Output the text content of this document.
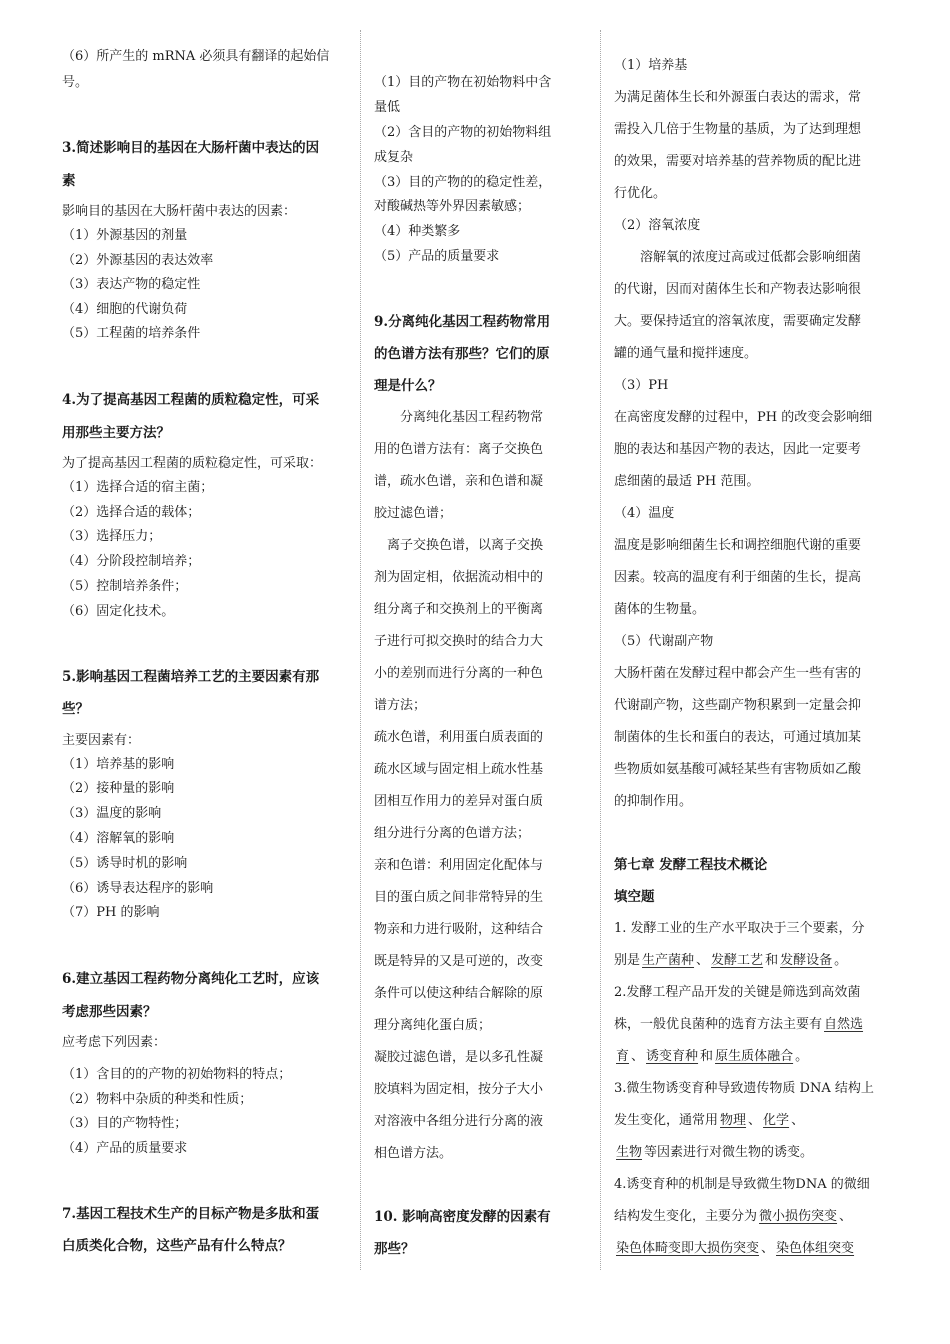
（6）所产生的 mRNA 必须具有翻译的起始信
号。
3.简述影响目的基因在大肠杆菌中表达的因
素
影响目的基因在大肠杆菌中表达的因素：
（1）外源基因的剂量
（2）外源基因的表达效率
（3）表达产物的稳定性
（4）细胞的代谢负荷
（5）工程菌的培养条件
4.为了提高基因工程菌的质粒稳定性，可采
用那些主要方法？
为了提高基因工程菌的质粒稳定性，可采取：
（1）选择合适的宿主菌；
（2）选择合适的载体；
（3）选择压力；
（4）分阶段控制培养；
（5）控制培养条件；
（6）固定化技术。
5.影响基因工程菌培养工艺的主要因素有那
些？
主要因素有：
（1）培养基的影响
（2）接种量的影响
（3）温度的影响
（4）溶解氧的影响
（5）诱导时机的影响
（6）诱导表达程序的影响
（7）PH 的影响
6.建立基因工程药物分离纯化工艺时，应该
考虑那些因素？
应考虑下列因素：
（1）含目的的产物的初始物料的特点；
（2）物料中杂质的种类和性质；
（3）目的产物特性；
（4）产品的质量要求
7.基因工程技术生产的目标产物是多肽和蛋
白质类化合物，这些产品有什么特点？
（1）目的产物在初始物料中含
量低
（2）含目的产物的初始物料组
成复杂
（3）目的产物的的稳定性差，
对酸碱热等外界因素敏感；
（4）种类繁多
（5）产品的质量要求
9.分离纯化基因工程药物常用
的色谱方法有那些？它们的原
理是什么？
分离纯化基因工程药物常
用的色谱方法有：离子交换色
谱，疏水色谱，亲和色谱和凝
胶过滤色谱；
离子交换色谱，以离子交换
剂为固定相，依据流动相中的
组分离子和交换剂上的平衡离
子进行可拟交换时的结合力大
小的差别而进行分离的一种色
谱方法；
疏水色谱，利用蛋白质表面的
疏水区域与固定相上疏水性基
团相互作用力的差异对蛋白质
组分进行分离的色谱方法；
亲和色谱：利用固定化配体与
目的蛋白质之间非常特异的生
物亲和力进行吸附，这种结合
既是特异的又是可逆的，改变
条件可以使这种结合解除的原
理分离纯化蛋白质；
凝胶过滤色谱，是以多孔性凝
胶填料为固定相，按分子大小
对溶液中各组分进行分离的液
相色谱方法。
10. 影响高密度发酵的因素有
那些？
（1）培养基
为满足菌体生长和外源蛋白表达的需求，常
需投入几倍于生物量的基质，为了达到理想
的效果，需要对培养基的营养物质的配比进
行优化。
（2）溶氧浓度
溶解氧的浓度过高或过低都会影响细菌
的代谢，因而对菌体生长和产物表达影响很
大。要保持适宜的溶氧浓度，需要确定发酵
罐的通气量和搅拌速度。
（3）PH
在高密度发酵的过程中，PH 的改变会影响细
胞的表达和基因产物的表达，因此一定要考
虑细菌的最适 PH 范围。
（4）温度
温度是影响细菌生长和调控细胞代谢的重要
因素。较高的温度有利于细菌的生长，提高
菌体的生物量。
（5）代谢副产物
大肠杆菌在发酵过程中都会产生一些有害的
代谢副产物，这些副产物积累到一定量会抑
制菌体的生长和蛋白的表达，可通过填加某
些物质如氨基酸可减轻某些有害物质如乙酸
的抑制作用。
第七章 发酵工程技术概论
填空题
1. 发酵工业的生产水平取决于三个要素，分
别是 生产菌种 、 发酵工艺 和 发酵设备 。
2.发酵工程产品开发的关键是筛选到高效菌
株，一般优良菌种的选育方法主要有 自然选
育 、 诱变育种 和 原生质体融合 。
3.微生物诱变育种导致遗传物质 DNA 结构上
发生变化，通常用 物理 、 化学 、
生物 等因素进行对微生物的诱变。
4.诱变育种的机制是导致微生物DNA 的微细
结构发生变化，主要分为 微小损伤突变 、
染色体畸变即大损伤突变 、 染色体组突变
